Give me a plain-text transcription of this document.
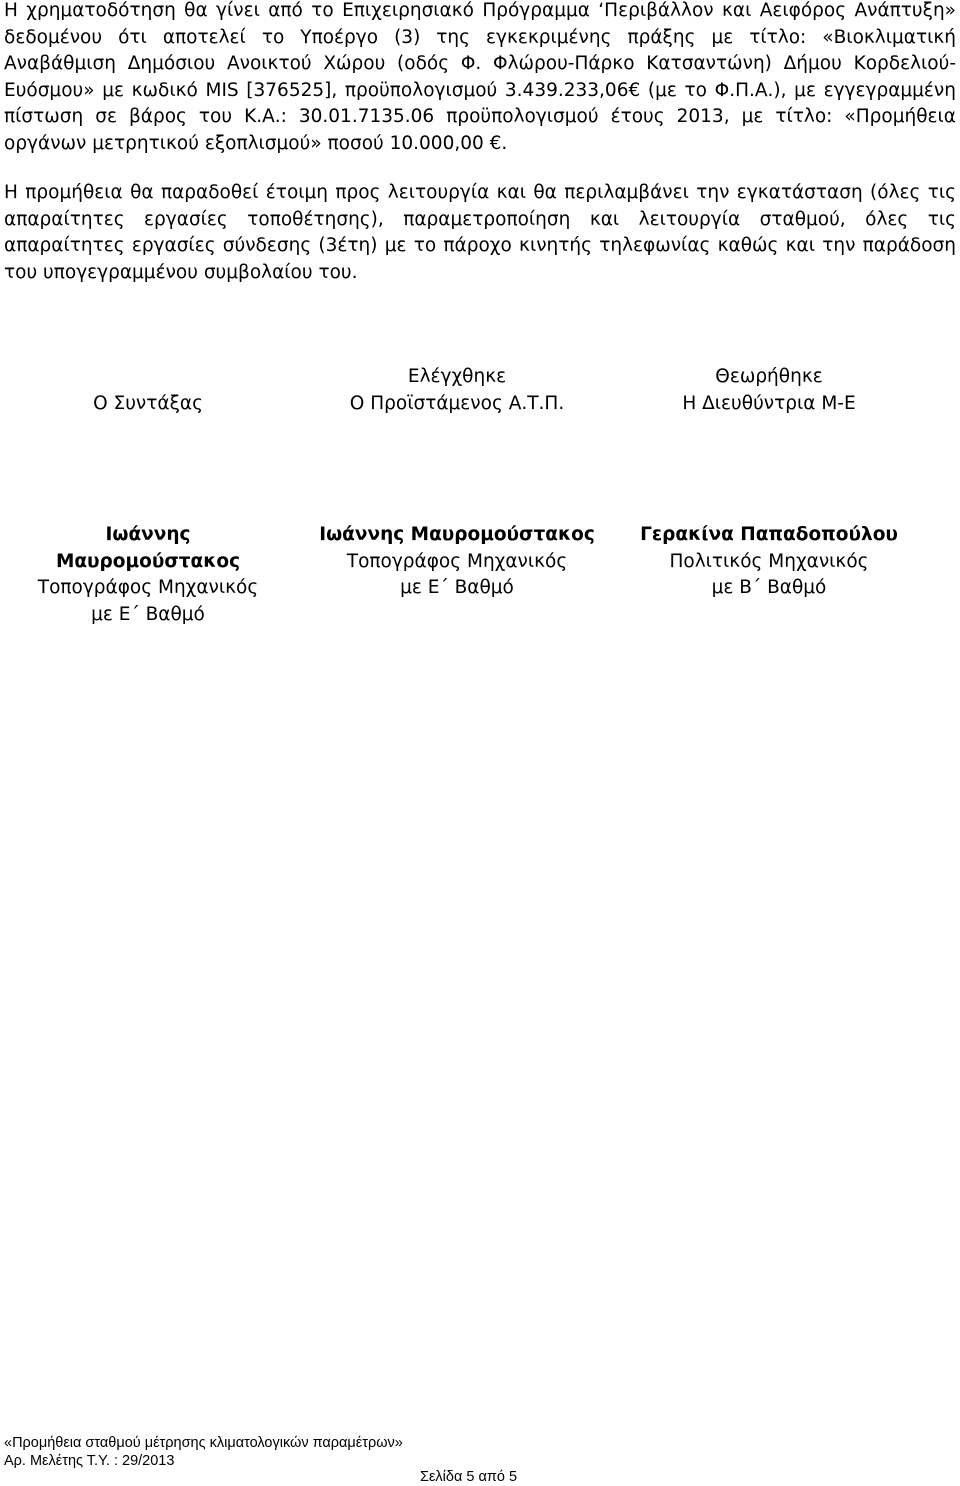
Η χρηματοδότηση θα γίνει από το Επιχειρησιακό Πρόγραμμα ‘Περιβάλλον και Αειφόρος Ανάπτυξη» δεδομένου ότι αποτελεί το Υποέργο (3) της εγκεκριμένης πράξης με τίτλο: «Βιοκλιματική Αναβάθμιση Δημόσιου Ανοικτού Χώρου (οδός Φ. Φλώρου-Πάρκο Κατσαντώνη) Δήμου Κορδελιού-Ευόσμου» με κωδικό MIS [376525], προϋπολογισμού 3.439.233,06€ (με το Φ.Π.Α.), με εγγεγραμμένη πίστωση σε βάρος του Κ.Α.: 30.01.7135.06 προϋπολογισμού έτους 2013, με τίτλο: «Προμήθεια οργάνων μετρητικού εξοπλισμού» ποσού 10.000,00 €.

Η προμήθεια θα παραδοθεί έτοιμη προς λειτουργία και θα περιλαμβάνει την εγκατάσταση (όλες τις απαραίτητες εργασίες τοποθέτησης), παραμετροποίηση και λειτουργία σταθμού, όλες τις απαραίτητες εργασίες σύνδεσης (3έτη) με το πάροχο κινητής τηλεφωνίας καθώς και την παράδοση του υπογεγραμμένου συμβολαίου του.

Ο Συντάξας
Ελέγχθηκε
Ο Προϊστάμενος Α.Τ.Π.
Θεωρήθηκε
Η Διευθύντρια Μ-Ε
Ιωάννης
Μαυρομούστακος
Τοπογράφος Μηχανικός
με Ε΄ Βαθμό
Ιωάννης Μαυρομούστακος
Τοπογράφος Μηχανικός
με Ε΄ Βαθμό
Γερακίνα Παπαδοπούλου
Πολιτικός Μηχανικός
με Β΄ Βαθμό
«Προμήθεια σταθμού μέτρησης κλιματολογικών παραμέτρων»
Αρ. Μελέτης Τ.Υ. : 29/2013
Σελίδα 5 από 5
